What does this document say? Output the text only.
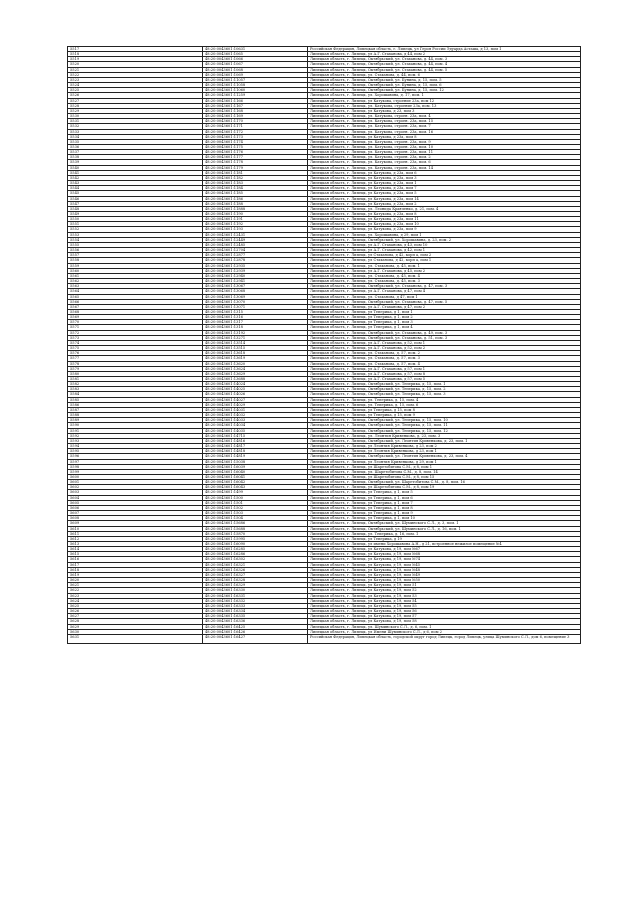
5517	48:20:0043601:10631	Российская Федерация, Липецкая область, г. Липецк, ул Героя России Эдуарда Асташа, д 13, пом 1
5518	48:20:0043601:1065	Липецкая область, г. Липецк, ул А.Г. Стаханова, д 44, пом 2
5519	48:20:0043601:1066	Липецкая область, г. Липецк, Октябрьский, ул. Стаханова, д. 44, пом. 3
5520	48:20:0043601:1067	Липецкая область, г. Липецк, Октябрьский, ул. Стаханова, д. 44, пом. 4
5521	48:20:0043601:1068	Липецкая область, г. Липецк, Октябрьский, ул. Стаханова, д. 44, пом. 5
5522	48:20:0043601:1069	Липецкая область, г. Липецк, ул. Стаханова, д. 44, пом. 6
5523	48:20:0043601:11057	Липецкая область, г. Липецк, Октябрьский, ул. Бунина, д. 15, пом. 5
5524	48:20:0043601:11058	Липецкая область, г. Липецк, Октябрьский, ул. Бунина, д. 15, пом. 6
5525	48:20:0043601:11060	Липецкая область, г. Липецк, Октябрьский, ул. Бунина, д. 15, пом. 12
5526	48:20:0043601:11259	Липецкая область, г. Липецк, ул. Хорошавина, д. 17, пом. 1
5527	48:20:0043601:1166	Липецкая область, г. Липецк, ул Катукова, строение 23а, пом 12
5528	48:20:0043601:1167	Липецкая область, г. Липецк, ул. Катукова, строение 23а, пом. 13
5529	48:20:0043601:1168	Липецкая область, г. Липецк, ул Катукова, д 23, пом 3
5530	48:20:0043601:1169	Липецкая область, г. Липецк, ул. Катукова, строен. 23а, пом. 4
5531	48:20:0043601:1170	Липецкая область, г. Липецк, ул. Катукова, строен. 23а, пом. 15
5532	48:20:0043601:1171	Липецкая область, г. Липецк, ул. Катукова, строен. 23а, пом. 7
5533	48:20:0043601:1172	Липецкая область, г. Липецк, ул. Катукова, строен. 23а, пом. 16
5534	48:20:0043601:1173	Липецкая область, г. Липецк, ул Катукова, д 23а, пом 8
5535	48:20:0043601:1174	Липецкая область, г. Липецк, ул. Катукова, строен. 23а, пом. 9
5536	48:20:0043601:1175	Липецкая область, г. Липецк, ул. Катукова, строен. 23а, пом. 10
5537	48:20:0043601:1176	Липецкая область, г. Липецк, ул. Катукова, строен. 23а, пом. 11
5538	48:20:0043601:1177	Липецкая область, г. Липецк, ул. Катукова, строен. 23а, пом. 2
5539	48:20:0043601:1178	Липецкая область, г. Липецк, ул. Катукова, строен. 23а, пом. 6
5540	48:20:0043601:1179	Липецкая область, г. Липецк, ул. Катукова, строен. 23а, пом. 14
5541	48:20:0043601:1181	Липецкая область, г. Липецк, ул Катукова, д 23а, пом 6
5542	48:20:0043601:1182	Липецкая область, г. Липецк, ул Катукова, д 23а, пом 3
5543	48:20:0043601:1183	Липецкая область, г. Липецк, ул Катукова, д 23а, пом 1
5544	48:20:0043601:1184	Липецкая область, г. Липецк, ул Катукова, д 23а, пом 7
5545	48:20:0043601:1185	Липецкая область, г. Липецк, ул Катукова, д 23а, пом 5
5546	48:20:0043601:1186	Липецкая область, г. Липецк, ул Катукова, д 23а, пом 14
5547	48:20:0043601:1188	Липецкая область, г. Липецк, ул Катукова, д 23а, пом 2
5548	48:20:0043601:11888	Липецкая область, г. Липецк, ул. Леонида Кравченко, д. 21, пом. 4
5549	48:20:0043601:1190	Липецкая область, г. Липецк, ул Катукова, д 23а, пом 8
5550	48:20:0043601:1191	Липецкая область, г. Липецк, ул Катукова, д 23а, пом 11
5551	48:20:0043601:1192	Липецкая область, г. Липецк, ул Катукова, д 23а, пом 10
5552	48:20:0043601:1193	Липецкая область, г. Липецк, ул Катукова, д 23а, пом 9
5553	48:20:0043601:12431	Липецкая область, г. Липецк, ул. Хорошавина, д 29, пом 1
5554	48:20:0043601:12449	Липецкая область, г. Липецк, Октябрьский, ул. Хорошавина, д. 23, пом. 2
5555	48:20:0043601:12485	Липецкая область, г. Липецк, ул А.Г. Стаханова, д 43, пом 10
5556	48:20:0043601:12704	Липецкая область, г. Липецк, ул А.Г. Стаханова, д 42, пом 1
5557	48:20:0043601:12877	Липецкая область, г. Липецк, ул Стаханова, д 42, корп а, пом 2
5558	48:20:0043601:12878	Липецкая область, г. Липецк, ул Стаханова, д 42, корп а, пом 1
5559	48:20:0043601:12935	Липецкая область, г. Липецк, ул. Стаханова, д. 45, пом. 1
5560	48:20:0043601:12939	Липецкая область, г. Липецк, ул А.Г. Стаханова, д 45, пом 2
5561	48:20:0043601:12940	Липецкая область, г. Липецк, ул. Стаханова, д. 45, пом. 4
5562	48:20:0043601:12941	Липецкая область, г. Липецк, ул. Стаханова, д. 45, пом. 3
5563	48:20:0043601:13067	Липецкая область, г. Липецк, Октябрьский, ул. Стаханова, д. 47, пом. 3
5564	48:20:0043601:13068	Липецкая область, г. Липецк, ул А.Г. Стаханова, д 47, пом 4
5565	48:20:0043601:13069	Липецкая область, г. Липецк, ул. Стаханова, д 47, пом 1
5566	48:20:0043601:13070	Липецкая область, г. Липецк, Октябрьский, ул. Стаханова, д. 47, пом. 5
5567	48:20:0043601:13071	Липецкая область, г. Липецк, ул А.Г. Стаханова, д 47, пом 2
5568	48:20:0043601:1315	Липецкая область, г. Липецк, ул Теперика, д 1, пом 1
5569	48:20:0043601:1316	Липецкая область, г. Липецк, ул Теперика, д 1, пом 2
5570	48:20:0043601:1317	Липецкая область, г. Липецк, ул Теперика, д 1, пом 3
5571	48:20:0043601:1318	Липецкая область, г. Липецк, ул Теперика, д 1, пом 4
5572	48:20:0043601:13192	Липецкая область, г. Липецк, Октябрьский, ул. Стаханова, д. 49, пом. 3
5573	48:20:0043601:13271	Липецкая область, г. Липецк, Октябрьский, ул. Стаханова, д. 51, пом. 3
5574	48:20:0043601:13514	Липецкая область, г. Липецк, ул А.Г. Стаханова, д 52, пом 1
5575	48:20:0043601:13515	Липецкая область, г. Липецк, ул А.Г. Стаханова, д 52, пом 2
5576	48:20:0043601:13618	Липецкая область, г. Липецк, ул. Стаханова, д. 57, пом. 2
5577	48:20:0043601:13619	Липецкая область, г. Липецк, ул. Стаханова, д. 57, пом. 3
5578	48:20:0043601:13620	Липецкая область, г. Липецк, ул. Стаханова, д. 57, пом. 4
5579	48:20:0043601:13624	Липецкая область, г. Липецк, ул А.Г. Стаханова, д 57, пом 1
5580	48:20:0043601:13629	Липецкая область, г. Липецк, ул А.Г. Стаханова, д 57, пом 8
5581	48:20:0043601:13688	Липецкая область, г. Липецк, ул А.Г. Стаханова, д 57, пом 5
5582	48:20:0043601:14024	Липецкая область, г. Липецк, Октябрьский, ул. Теперика, д. 15, пом. 1
5583	48:20:0043601:14025	Липецкая область, г. Липецк, Октябрьский, ул. Теперика, д. 15, пом. 2
5584	48:20:0043601:14026	Липецкая область, г. Липецк, Октябрьский, ул. Теперика, д. 15, пом. 3
5585	48:20:0043601:14027	Липецкая область, г. Липецк, ул. Теперика, д. 15, пом. 4
5586	48:20:0043601:14029	Липецкая область, г. Липецк, ул. Теперика, д. 15, пом. 6
5587	48:20:0043601:14031	Липецкая область, г. Липецк, ул Теперика, д 15, пом 8
5588	48:20:0043601:14032	Липецкая область, г. Липецк, ул Теперика, д 15, пом 9
5589	48:20:0043601:14033	Липецкая область, г. Липецк, Октябрьский, ул. Теперика, д. 15, пом. 10
5590	48:20:0043601:14034	Липецкая область, г. Липецк, Октябрьский, ул. Теперика, д. 15, пом. 11
5591	48:20:0043601:14035	Липецкая область, г. Липецк, Октябрьский, ул. Теперика, д. 15, пом. 12
5592	48:20:0043601:14715	Липецкая область, г. Липецк, ул. Леонтия Кривенкова, д. 23, пом. 3
5593	48:20:0043601:14816	Липецкая область, г. Липецк, Октябрьский, ул. Леонтия Кривенкова, д. 23, пом. 1
5594	48:20:0043601:14817	Липецкая область, г. Липецк, ул Леонтия Кривенкова, д 23, пом 2
5595	48:20:0043601:14818	Липецкая область, г. Липецк, ул Леонтия Кривенкова, д 23, пом 1
5596	48:20:0043601:14819	Липецкая область, г. Липецк, Октябрьский, ул. Леонтия Кривенкова, д. 23, пом. 4
5597	48:20:0043601:15038	Липецкая область, г. Липецк, ул Леонтия Кривенкова, д 29, пом 1
5598	48:20:0043601:16039	Липецкая область, г. Липецк, ул Шаретобитова С.М., д 8, пом 1
5599	48:20:0043601:16040	Липецкая область, г. Липецк, ул. Шаретобитова С.М., д. 8, пом. 14
5600	48:20:0043601:16041	Липецкая область, г. Липецк, ул Шаретобитова С.М., д 8, пом 15
5601	48:20:0043601:16042	Липецкая область, г. Липецк, Октябрьский, ул. Шаретобитова С.М., д. 8, пом. 16
5602	48:20:0043601:16043	Липецкая область, г. Липецк, ул Шаретобитова С.М., д 8, пом 19
5603	48:20:0043601:1499	Липецкая область, г. Липецк, ул Теперика, д 1, пом 5
5604	48:20:0043601:1500	Липецкая область, г. Липецк, ул Теперика, д 1, пом 6
5605	48:20:0043601:1501	Липецкая область, г. Липецк, ул Теперика, д 1, пом 7
5606	48:20:0043601:1502	Липецкая область, г. Липецк, ул Теперика, д 1, пом 8
5607	48:20:0043601:1503	Липецкая область, г. Липецк, ул Теперика, д 1, пом 9
5608	48:20:0043601:1504	Липецкая область, г. Липецк, ул Теперика, д 1, пом 10
5609	48:20:0043601:15686	Липецкая область, г. Липецк, Октябрьский, ул. Шуминского С.Л., д. 3, пом. 1
5610	48:20:0043601:15688	Липецкая область, г. Липецк, Октябрьский, ул. Шуминского С.Л., д. 16, пом. 1
5611	48:20:0043601:15870	Липецкая область, г. Липецк, ул. Теперика, д. 16, пом. 1
5612	48:20:0043601:15995	Липецкая область, г. Липецк, ул Теперика, д 19
5613	48:20:0043601:16090	Липецкая область, г. Липецк, ул имени Хорошавина А.Н., д 21, встроенное нежилое помещение №4
5614	48:20:0043601:16285	Липецкая область, г. Липецк, ул Катукова, д 19, пом №67
5615	48:20:0043601:16286	Липецкая область, г. Липецк, ул Катукова, д 19, пом №68
5616	48:20:0043601:16302	Липецкая область, г. Липецк, ул Катукова, д 19, пом №74
5617	48:20:0043601:16321	Липецкая область, г. Липецк, ул Катукова, д 19, пом №45
5618	48:20:0043601:16326	Липецкая область, г. Липецк, ул Катукова, д 19, пом №48
5619	48:20:0043601:16327	Липецкая область, г. Липецк, ул Катукова, д 19, пом №49
5620	48:20:0043601:16328	Липецкая область, г. Липецк, ул Катукова, д 19, пом №50
5621	48:20:0043601:16329	Липецкая область, г. Липецк, ул Катукова, д 19, пом 51
5622	48:20:0043601:16330	Липецкая область, г. Липецк, ул Катукова, д 19, пом 52
5623	48:20:0043601:16331	Липецкая область, г. Липецк, ул Катукова, д 19, пом 53
5624	48:20:0043601:16332	Липецкая область, г. Липецк, ул Катукова, д 19, пом 54
5625	48:20:0043601:16333	Липецкая область, г. Липецк, ул Катукова, д 19, пом 55
5626	48:20:0043601:16334	Липецкая область, г. Липецк, ул Катукова, д 19, пом 56
5627	48:20:0043601:16335	Липецкая область, г. Липецк, ул Катукова, д 19, пом 57
5628	48:20:0043601:16336	Липецкая область, г. Липецк, ул Катукова, д 19, пом 58
5629	48:20:0043601:16425	Липецкая область, г. Липецк, ул. Шуминского С.Л., д. 6, пом. 1
5630	48:20:0043601:16426	Липецкая область, г. Липецк, ул Имени Шуминского С.Л., д 6, пом 2
5631	48:20:0043601:16427	Российская Федерация, Липецкая область, городской округ город Липецк, город Липецк, улица Шуминского С.Л., дом 6, помещение 3
